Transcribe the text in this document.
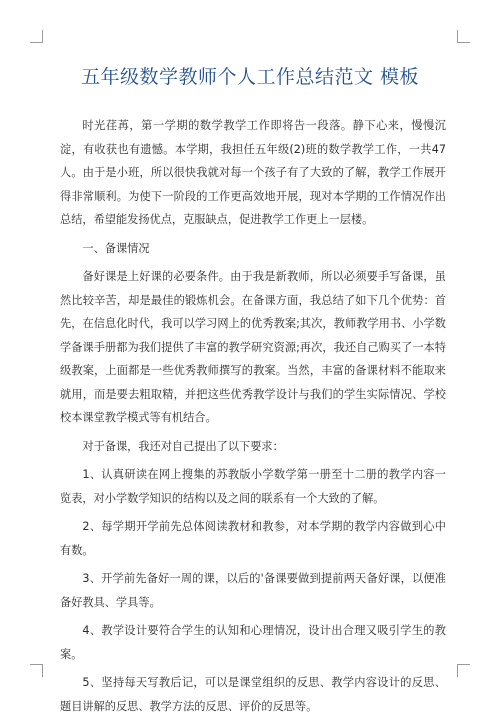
五年级数学教师个人工作总结范文 模板

时光荏苒，第一学期的数学教学工作即将告一段落。静下心来，慢慢沉淀，有收获也有遗憾。本学期，我担任五年级(2)班的数学教学工作，一共47人。由于是小班，所以很快我就对每一个孩子有了大致的了解，教学工作展开得非常顺利。为使下一阶段的工作更高效地开展，现对本学期的工作情况作出总结，希望能发扬优点，克服缺点，促进教学工作更上一层楼。

一、备课情况

备好课是上好课的必要条件。由于我是新教师，所以必须要手写备课，虽然比较辛苦，却是最佳的锻炼机会。在备课方面，我总结了如下几个优势：首先，在信息化时代，我可以学习网上的优秀教案;其次，教师教学用书、小学数学备课手册都为我们提供了丰富的教学研究资源;再次，我还自己购买了一本特级教案，上面都是一些优秀教师撰写的教案。当然，丰富的备课材料不能取来就用，而是要去粗取精，并把这些优秀教学设计与我们的学生实际情况、学校校本课堂教学模式等有机结合。

对于备课，我还对自己提出了以下要求：

1、认真研读在网上搜集的苏教版小学数学第一册至十二册的教学内容一览表，对小学数学知识的结构以及之间的联系有一个大致的了解。

2、每学期开学前先总体阅读教材和教参，对本学期的教学内容做到心中有数。

3、开学前先备好一周的课，以后的'备课要做到提前两天备好课，以便准备好教具、学具等。

4、教学设计要符合学生的认知和心理情况，设计出合理又吸引学生的教案。

5、坚持每天写教后记，可以是课堂组织的反思、教学内容设计的反思、题目讲解的反思、教学方法的反思、评价的反思等。
